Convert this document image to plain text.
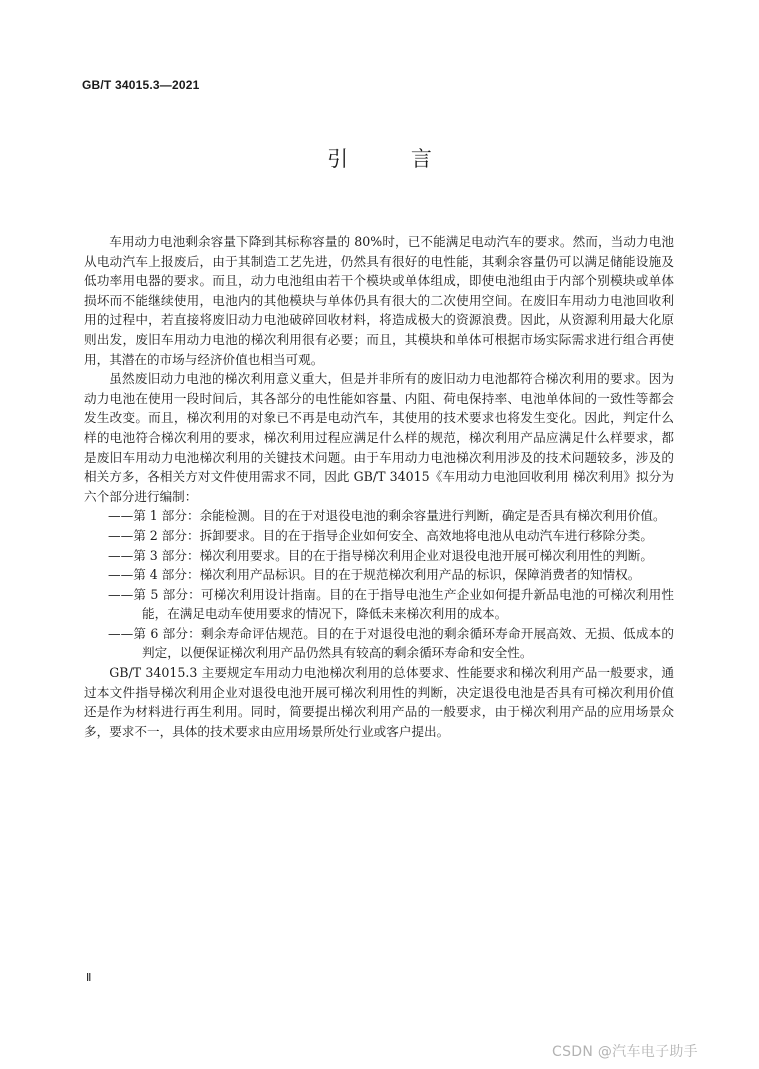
GB/T 34015.3—2021
引 言

车用动力电池剩余容量下降到其标称容量的 80%时，已不能满足电动汽车的要求。然而，当动力电池从电动汽车上报废后，由于其制造工艺先进，仍然具有很好的电性能，其剩余容量仍可以满足储能设施及低功率用电器的要求。而且，动力电池组由若干个模块或单体组成，即使电池组由于内部个别模块或单体损坏而不能继续使用，电池内的其他模块与单体仍具有很大的二次使用空间。在废旧车用动力电池回收利用的过程中，若直接将废旧动力电池破碎回收材料，将造成极大的资源浪费。因此，从资源利用最大化原则出发，废旧车用动力电池的梯次利用很有必要；而且，其模块和单体可根据市场实际需求进行组合再使用，其潜在的市场与经济价值也相当可观。

虽然废旧动力电池的梯次利用意义重大，但是并非所有的废旧动力电池都符合梯次利用的要求。因为动力电池在使用一段时间后，其各部分的电性能如容量、内阻、荷电保持率、电池单体间的一致性等都会发生改变。而且，梯次利用的对象已不再是电动汽车，其使用的技术要求也将发生变化。因此，判定什么样的电池符合梯次利用的要求，梯次利用过程应满足什么样的规范，梯次利用产品应满足什么样要求，都是废旧车用动力电池梯次利用的关键技术问题。由于车用动力电池梯次利用涉及的技术问题较多，涉及的相关方多，各相关方对文件使用需求不同，因此 GB/T 34015《车用动力电池回收利用 梯次利用》拟分为六个部分进行编制：

——第 1 部分：余能检测。目的在于对退役电池的剩余容量进行判断，确定是否具有梯次利用价值。
——第 2 部分：拆卸要求。目的在于指导企业如何安全、高效地将电池从电动汽车进行移除分类。
——第 3 部分：梯次利用要求。目的在于指导梯次利用企业对退役电池开展可梯次利用性的判断。
——第 4 部分：梯次利用产品标识。目的在于规范梯次利用产品的标识，保障消费者的知情权。
——第 5 部分：可梯次利用设计指南。目的在于指导电池生产企业如何提升新品电池的可梯次利用性能，在满足电动车使用要求的情况下，降低未来梯次利用的成本。
——第 6 部分：剩余寿命评估规范。目的在于对退役电池的剩余循环寿命开展高效、无损、低成本的判定，以便保证梯次利用产品仍然具有较高的剩余循环寿命和安全性。

GB/T 34015.3 主要规定车用动力电池梯次利用的总体要求、性能要求和梯次利用产品一般要求，通过本文件指导梯次利用企业对退役电池开展可梯次利用性的判断，决定退役电池是否具有可梯次利用价值还是作为材料进行再生利用。同时，简要提出梯次利用产品的一般要求，由于梯次利用产品的应用场景众多，要求不一，具体的技术要求由应用场景所处行业或客户提出。

Ⅱ
CSDN @汽车电子助手
